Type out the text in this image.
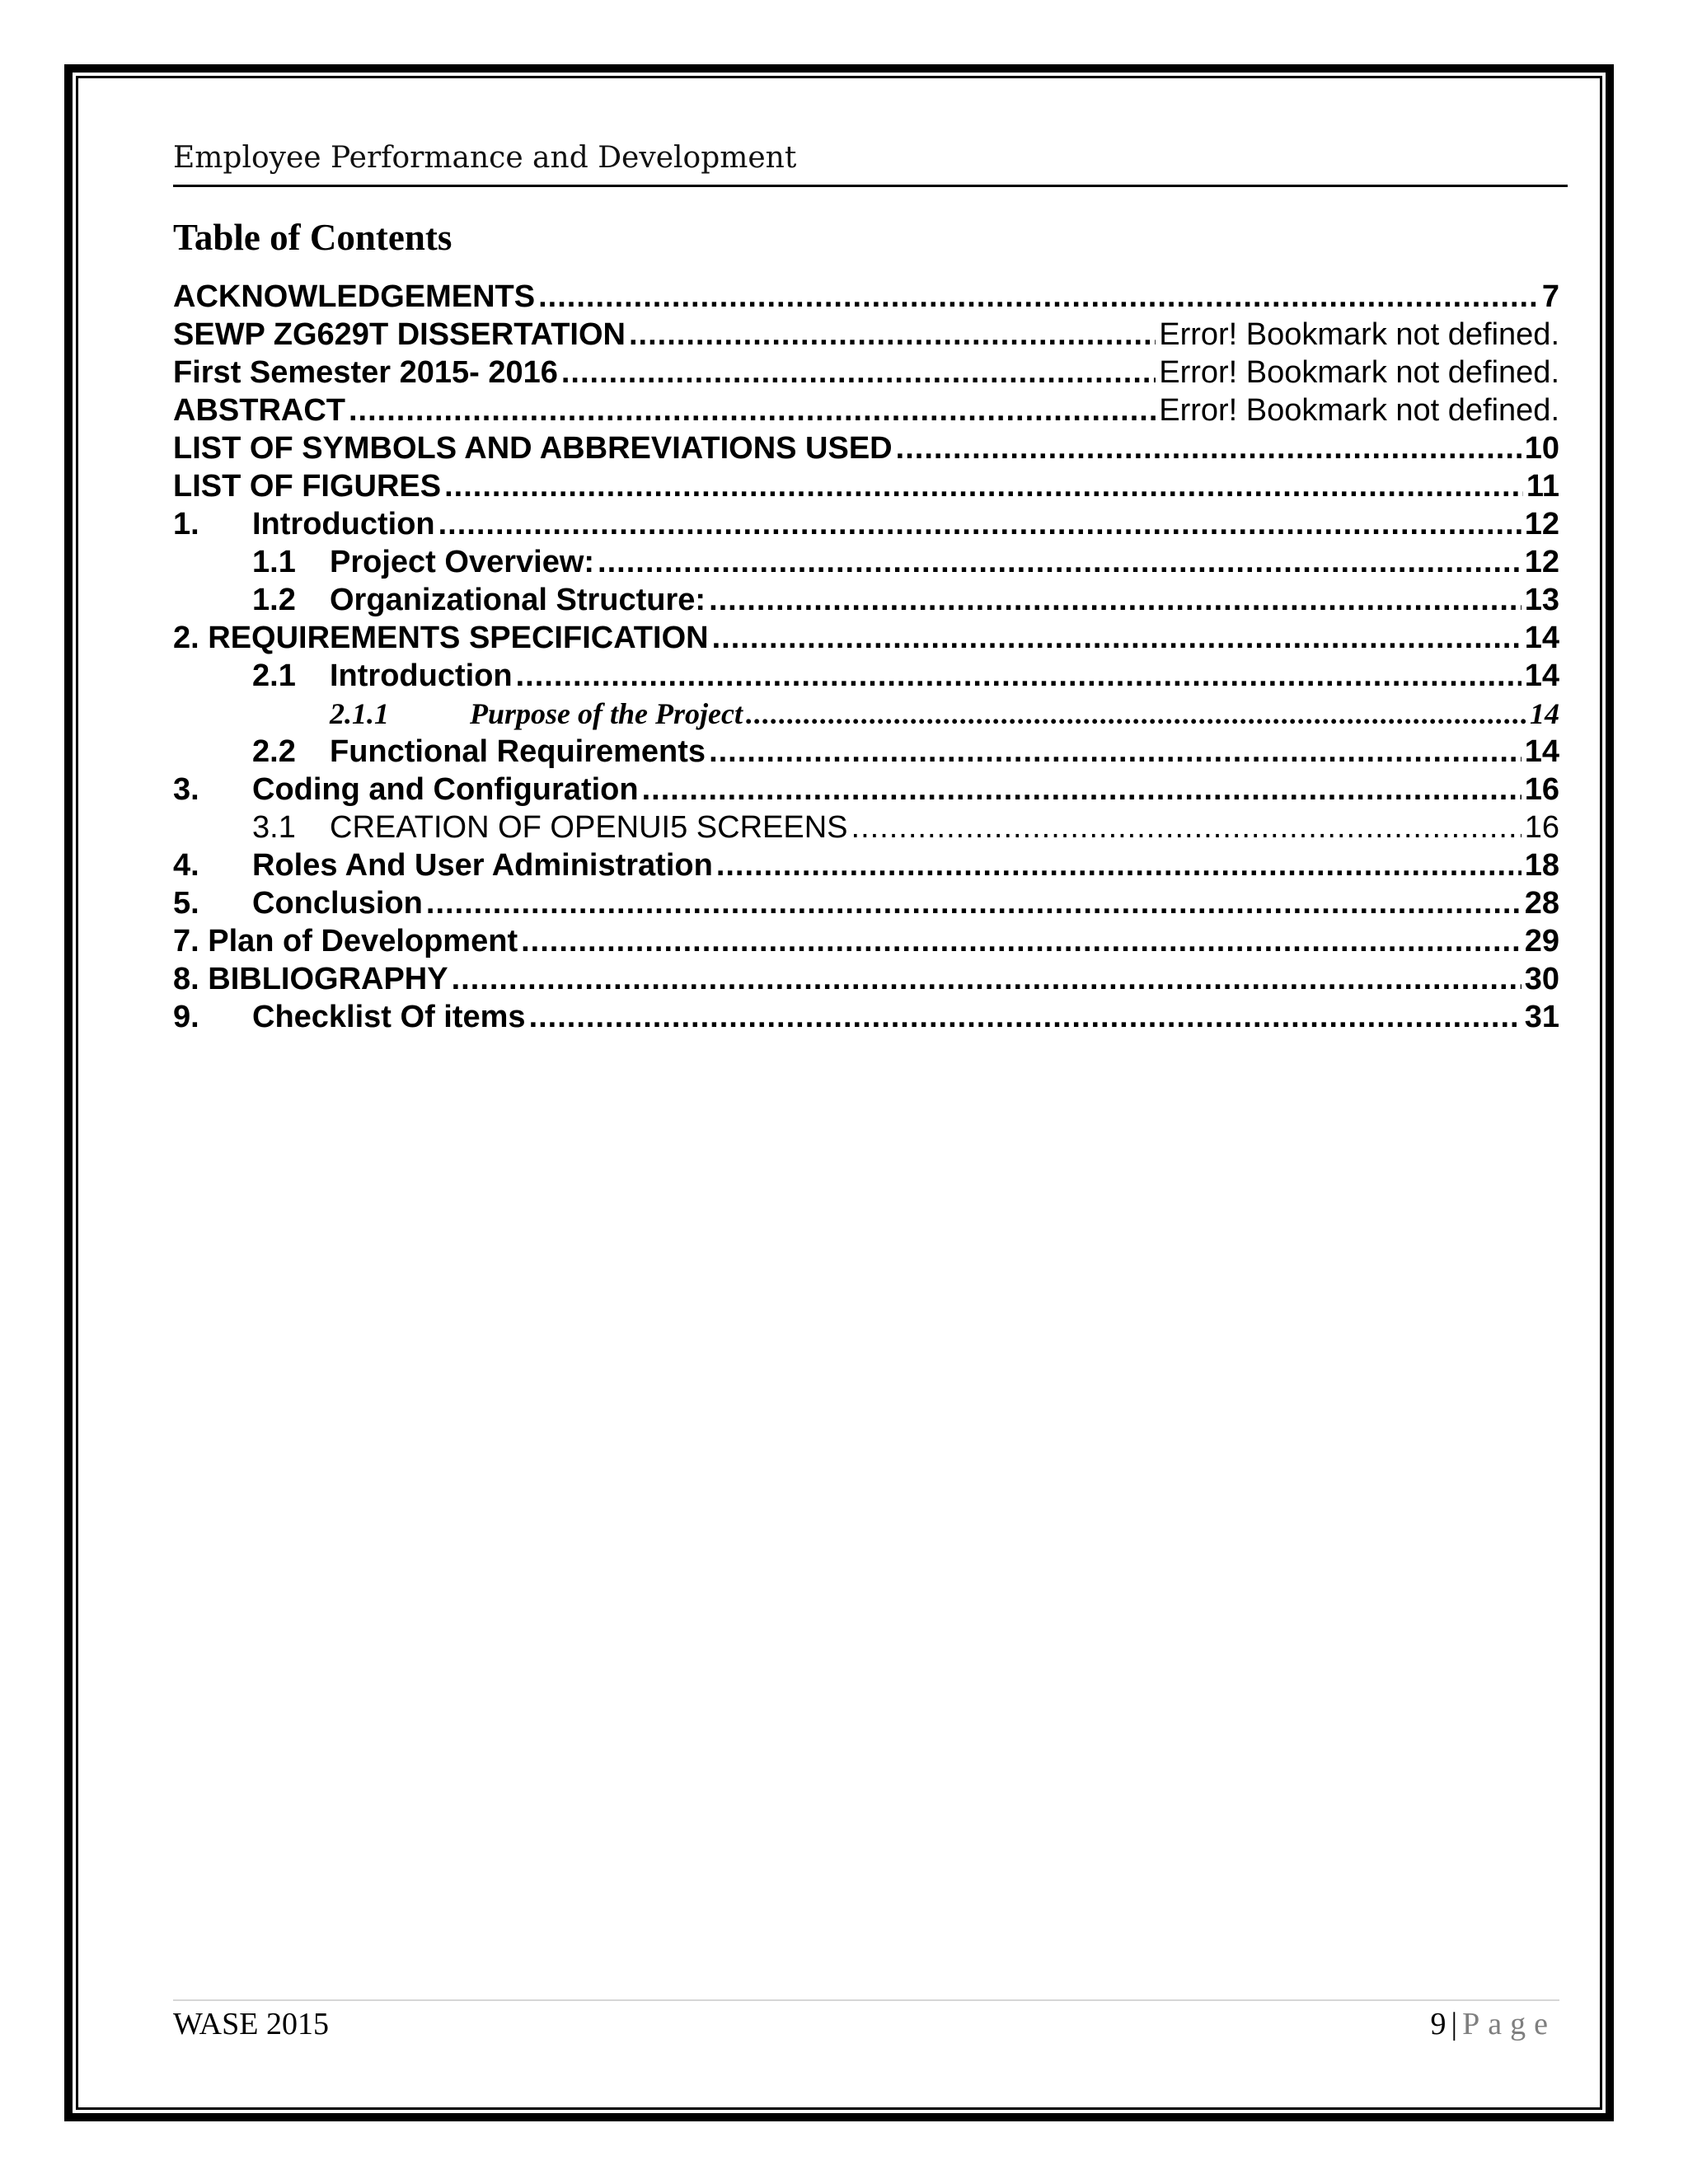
Employee Performance and Development
Table of Contents
ACKNOWLEDGEMENTS .....	7
SEWP ZG629T DISSERTATION .....	Error! Bookmark not defined.
First Semester 2015- 2016 .....	Error! Bookmark not defined.
ABSTRACT .....	Error! Bookmark not defined.
LIST OF SYMBOLS AND ABBREVIATIONS USED .....	10
LIST OF FIGURES .....	11
1.	Introduction .....	12
1.1	Project Overview: .....	12
1.2	Organizational Structure: .....	13
2. REQUIREMENTS SPECIFICATION .....	14
2.1	Introduction .....	14
2.1.1	Purpose of the Project .....	14
2.2	Functional Requirements .....	14
3.	Coding and Configuration .....	16
3.1	CREATION OF OPENUI5 SCREENS .....	16
4.	Roles And User Administration .....	18
5.	Conclusion .....	28
7. Plan of Development .....	29
8. BIBLIOGRAPHY .....	30
9.	Checklist Of items .....	31
WASE 2015	9 | Page
